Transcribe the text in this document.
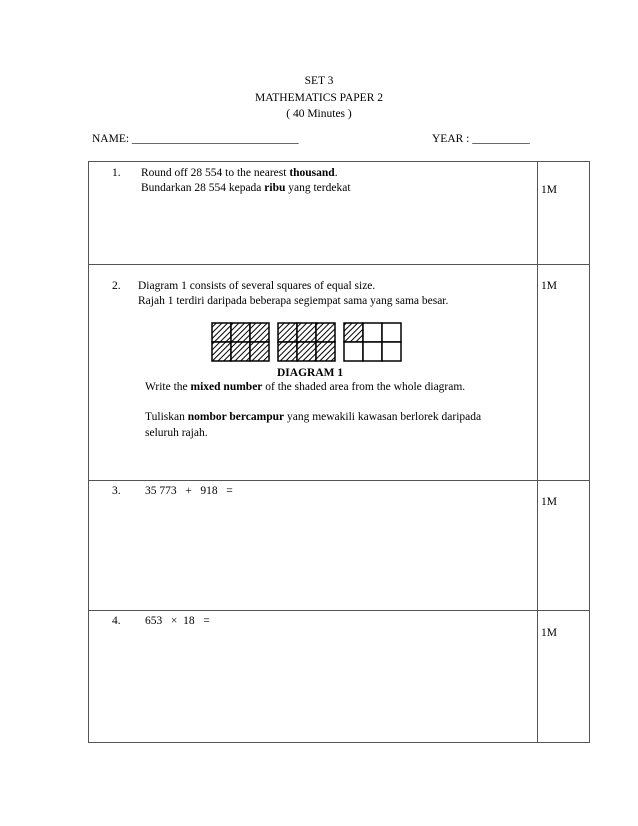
SET 3
MATHEMATICS PAPER 2
( 40 Minutes )
NAME: _____________________________	YEAR : __________
1. Round off 28 554 to the nearest thousand.
Bundarkan 28 554 kepada ribu yang terdekat	1M
2. Diagram 1 consists of several squares of equal size.
Rajah 1 terdiri daripada beberapa segiempat sama yang sama besar.
1M
DIAGRAM 1
Write the mixed number of the shaded area from the whole diagram.
Tuliskan nombor bercampur yang mewakili kawasan berlorek daripada
seluruh rajah.
3. 35 773   +   918   =
1M
4. 653   ×  18   =
1M
